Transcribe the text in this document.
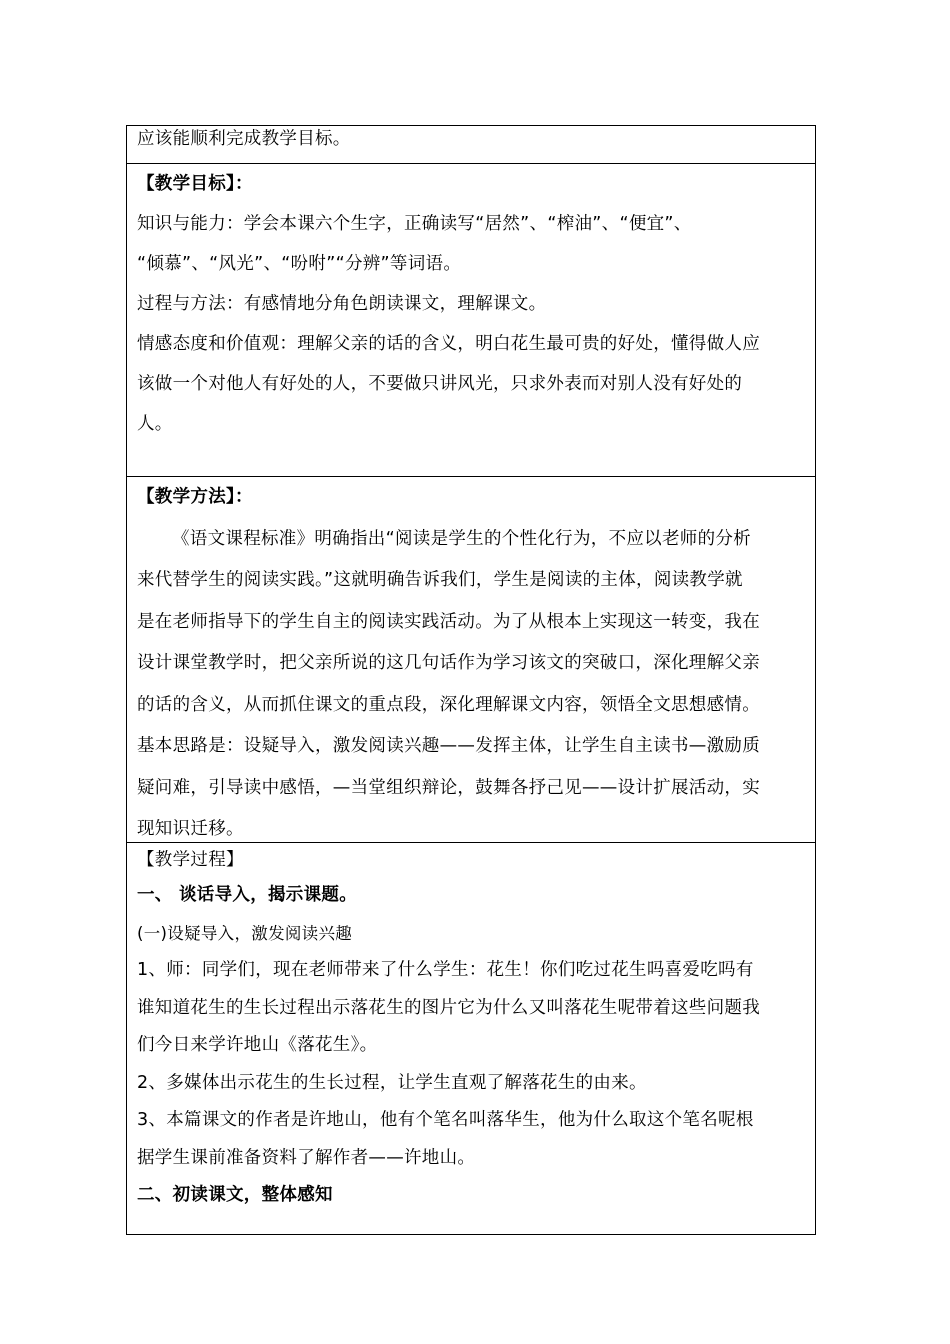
应该能顺利完成教学目标。
【教学目标】：
知识与能力：学会本课六个生字，正确读写“居然”、“榨油”、“便宜”、
“倾慕”、“风光”、“吩咐”“分辨”等词语。
过程与方法：有感情地分角色朗读课文，理解课文。
情感态度和价值观：理解父亲的话的含义，明白花生最可贵的好处，懂得做人应
该做一个对他人有好处的人，不要做只讲风光，只求外表而对别人没有好处的
人。
【教学方法】：
《语文课程标准》明确指出“阅读是学生的个性化行为，不应以老师的分析
来代替学生的阅读实践。”这就明确告诉我们，学生是阅读的主体，阅读教学就
是在老师指导下的学生自主的阅读实践活动。为了从根本上实现这一转变，我在
设计课堂教学时，把父亲所说的这几句话作为学习该文的突破口，深化理解父亲
的话的含义，从而抓住课文的重点段，深化理解课文内容，领悟全文思想感情。
基本思路是：设疑导入，激发阅读兴趣——发挥主体，让学生自主读书—激励质
疑问难，引导读中感悟，—当堂组织辩论，鼓舞各抒己见——设计扩展活动，实
现知识迁移。
【教学过程】
一、 谈话导入，揭示课题。
(一)设疑导入，激发阅读兴趣
1、师：同学们，现在老师带来了什么学生：花生！你们吃过花生吗喜爱吃吗有
谁知道花生的生长过程出示落花生的图片它为什么又叫落花生呢带着这些问题我
们今日来学许地山《落花生》。
2、多媒体出示花生的生长过程，让学生直观了解落花生的由来。
3、本篇课文的作者是许地山，他有个笔名叫落华生，他为什么取这个笔名呢根
据学生课前准备资料了解作者——许地山。
二、初读课文，整体感知
